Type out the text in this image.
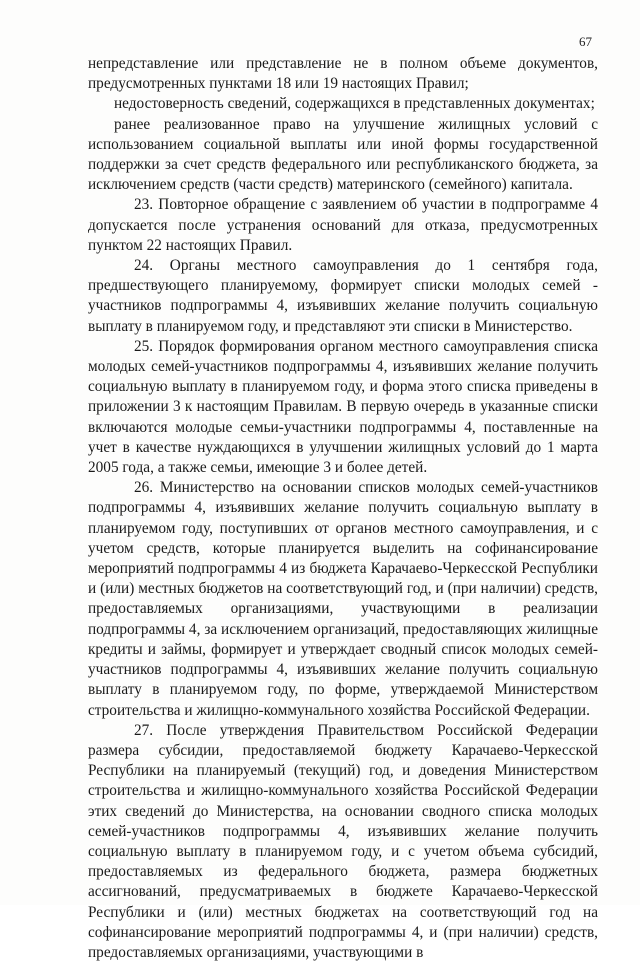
67

непредставление или представление не в полном объеме документов, предусмотренных пунктами 18 или 19 настоящих Правил;

недостоверность сведений, содержащихся в представленных документах;

ранее реализованное право на улучшение жилищных условий с использованием социальной выплаты или иной формы государственной поддержки за счет средств федерального или республиканского бюджета, за исключением средств (части средств) материнского (семейного) капитала.

23. Повторное обращение с заявлением об участии в подпрограмме 4 допускается после устранения оснований для отказа, предусмотренных пунктом 22 настоящих Правил.

24. Органы местного самоуправления до 1 сентября года, предшествующего планируемому, формирует списки молодых семей - участников подпрограммы 4, изъявивших желание получить социальную выплату в планируемом году, и представляют эти списки в Министерство.

25. Порядок формирования органом местного самоуправления списка молодых семей-участников подпрограммы 4, изъявивших желание получить социальную выплату в планируемом году, и форма этого списка приведены в приложении 3 к настоящим Правилам. В первую очередь в указанные списки включаются молодые семьи-участники подпрограммы 4, поставленные на учет в качестве нуждающихся в улучшении жилищных условий до 1 марта 2005 года, а также семьи, имеющие 3 и более детей.

26. Министерство на основании списков молодых семей-участников подпрограммы 4, изъявивших желание получить социальную выплату в планируемом году, поступивших от органов местного самоуправления, и с учетом средств, которые планируется выделить на софинансирование мероприятий подпрограммы 4 из бюджета Карачаево-Черкесской Республики и (или) местных бюджетов на соответствующий год, и (при наличии) средств, предоставляемых организациями, участвующими в реализации подпрограммы 4, за исключением организаций, предоставляющих жилищные кредиты и займы, формирует и утверждает сводный список молодых семей-участников подпрограммы 4, изъявивших желание получить социальную выплату в планируемом году, по форме, утверждаемой Министерством строительства и жилищно-коммунального хозяйства Российской Федерации.

27. После утверждения Правительством Российской Федерации размера субсидии, предоставляемой бюджету Карачаево-Черкесской Республики на планируемый (текущий) год, и доведения Министерством строительства и жилищно-коммунального хозяйства Российской Федерации этих сведений до Министерства, на основании сводного списка молодых семей-участников подпрограммы 4, изъявивших желание получить социальную выплату в планируемом году, и с учетом объема субсидий, предоставляемых из федерального бюджета, размера бюджетных ассигнований, предусматриваемых в бюджете Карачаево-Черкесской Республики и (или) местных бюджетах на соответствующий год на софинансирование мероприятий подпрограммы 4, и (при наличии) средств, предоставляемых организациями, участвующими в
